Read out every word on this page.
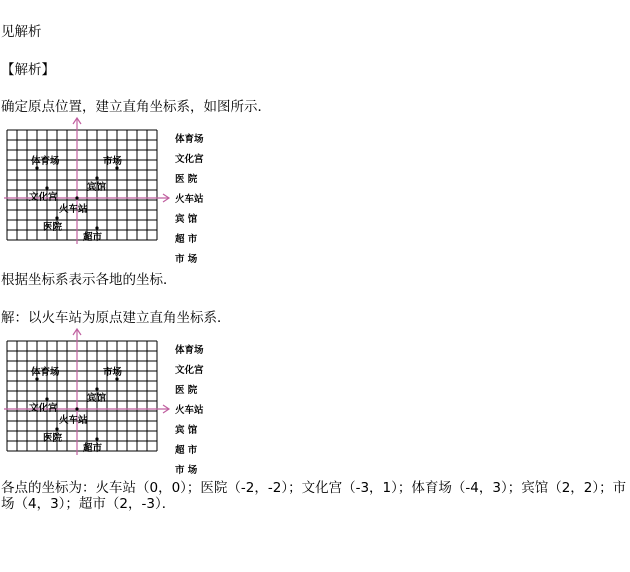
见解析
【解析】
确定原点位置，建立直角坐标系，如图所示．
体育场	市场
宾馆
文化宫
火车站
医院
超市
体育场
文化宫
医 院
火车站
宾 馆
超 市
市 场
根据坐标系表示各地的坐标．
解：以火车站为原点建立直角坐标系．
体育场	市场
宾馆
文化宫
火车站
医院
超市
体育场
文化宫
医 院
火车站
宾 馆
超 市
市 场
各点的坐标为：火车站（0，0）；医院（-2，-2）；文化宫（-3，1）；体育场（-4，3）；宾馆（2，2）；市场（4，3）；超市（2，-3）．
